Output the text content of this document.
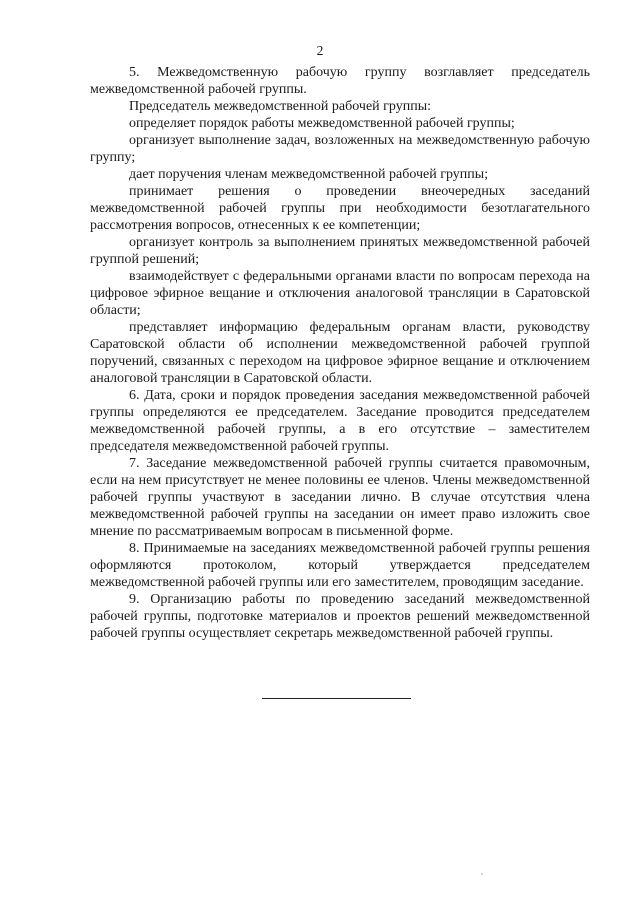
2

5. Межведомственную рабочую группу возглавляет председатель межведомственной рабочей группы.

Председатель межведомственной рабочей группы:

определяет порядок работы межведомственной рабочей группы;

организует выполнение задач, возложенных на межведомственную рабочую группу;

дает поручения членам межведомственной рабочей группы;

принимает решения о проведении внеочередных заседаний межведомственной рабочей группы при необходимости безотлагательного рассмотрения вопросов, отнесенных к ее компетенции;

организует контроль за выполнением принятых межведомственной рабочей группой решений;

взаимодействует с федеральными органами власти по вопросам перехода на цифровое эфирное вещание и отключения аналоговой трансляции в Саратовской области;

представляет информацию федеральным органам власти, руководству Саратовской области об исполнении межведомственной рабочей группой поручений, связанных с переходом на цифровое эфирное вещание и отключением аналоговой трансляции в Саратовской области.

6. Дата, сроки и порядок проведения заседания межведомственной рабочей группы определяются ее председателем. Заседание проводится председателем межведомственной рабочей группы, а в его отсутствие – заместителем председателя межведомственной рабочей группы.

7. Заседание межведомственной рабочей группы считается правомочным, если на нем присутствует не менее половины ее членов. Члены межведомственной рабочей группы участвуют в заседании лично. В случае отсутствия члена межведомственной рабочей группы на заседании он имеет право изложить свое мнение по рассматриваемым вопросам в письменной форме.

8. Принимаемые на заседаниях межведомственной рабочей группы решения оформляются протоколом, который утверждается председателем межведомственной рабочей группы или его заместителем, проводящим заседание.

9. Организацию работы по проведению заседаний межведомственной рабочей группы, подготовке материалов и проектов решений межведомственной рабочей группы осуществляет секретарь межведомственной рабочей группы.
